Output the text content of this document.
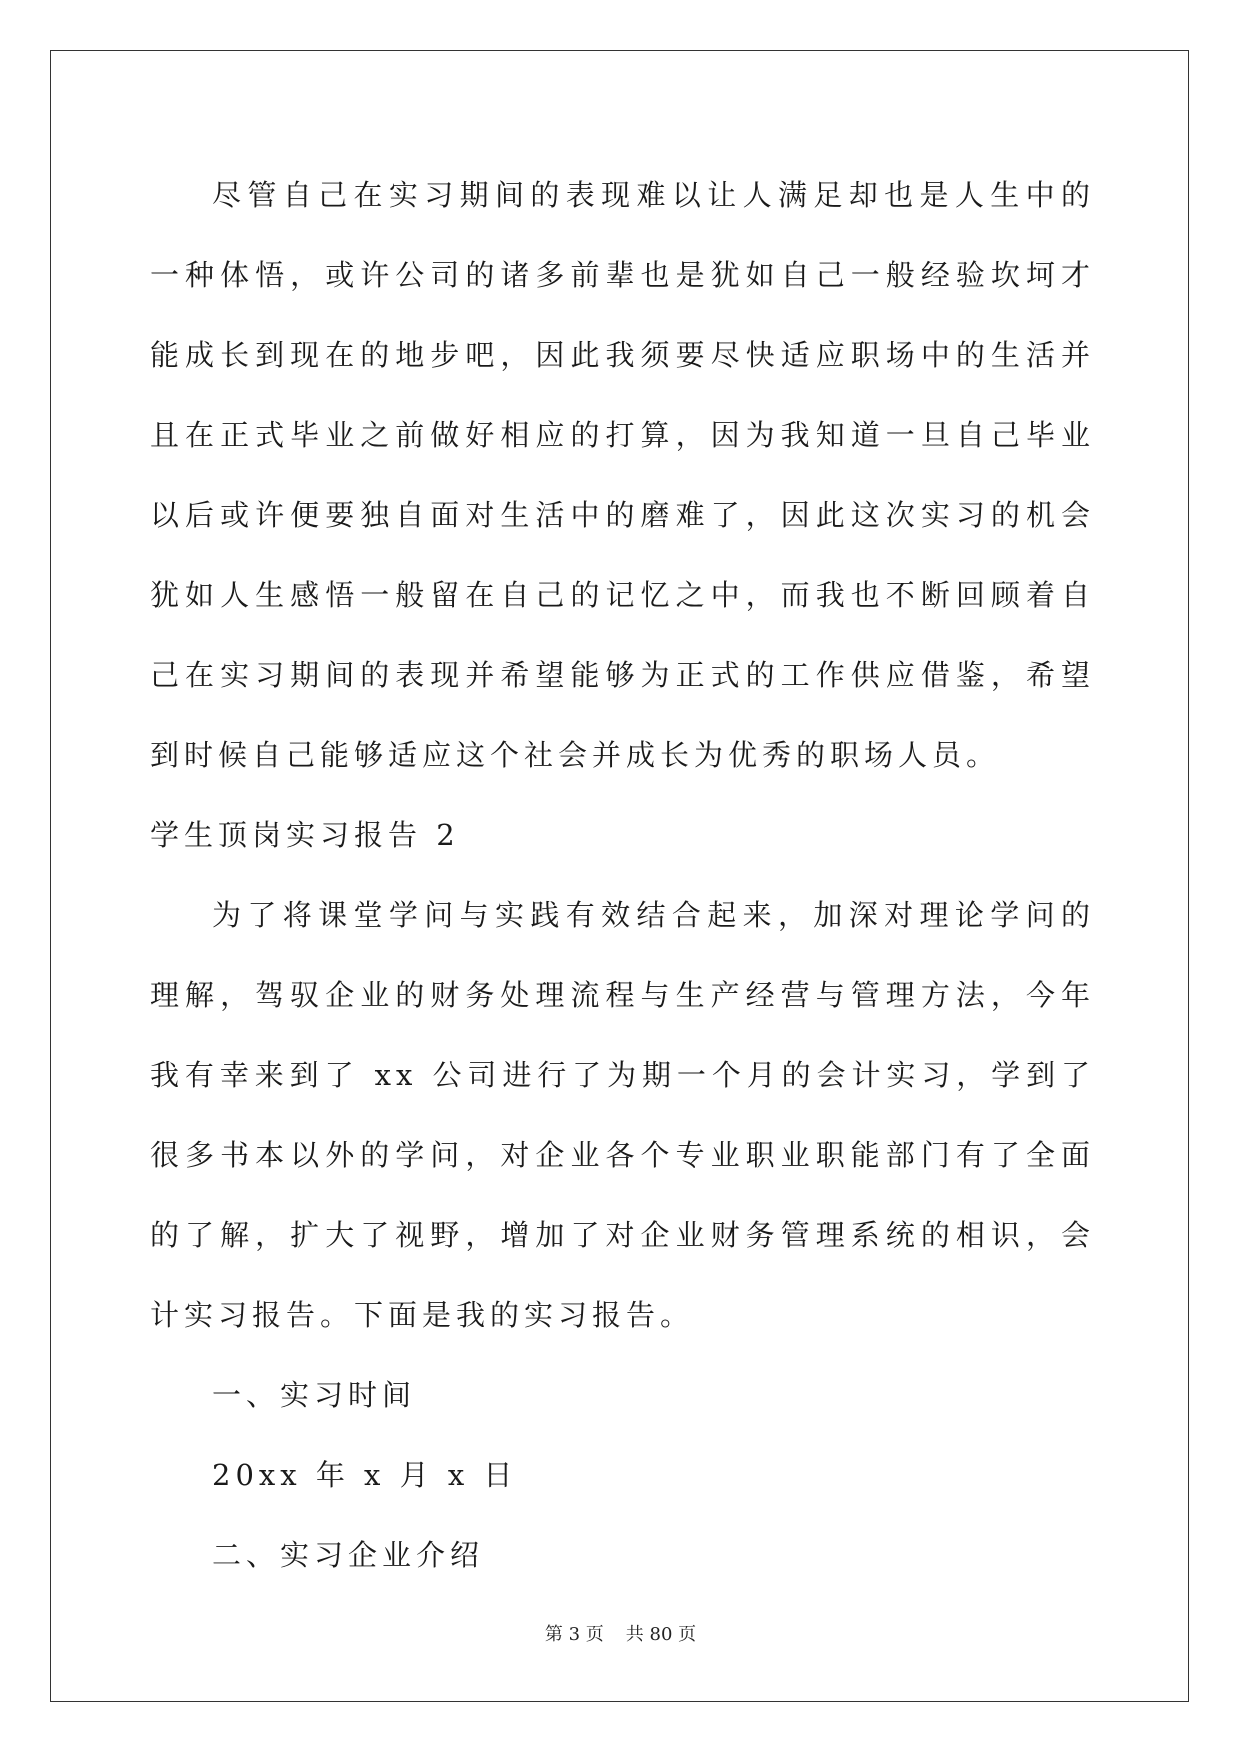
尽管自己在实习期间的表现难以让人满足却也是人生中的一种体悟，或许公司的诸多前辈也是犹如自己一般经验坎坷才能成长到现在的地步吧，因此我须要尽快适应职场中的生活并且在正式毕业之前做好相应的打算，因为我知道一旦自己毕业以后或许便要独自面对生活中的磨难了，因此这次实习的机会犹如人生感悟一般留在自己的记忆之中，而我也不断回顾着自己在实习期间的表现并希望能够为正式的工作供应借鉴，希望到时候自己能够适应这个社会并成长为优秀的职场人员。

学生顶岗实习报告 2

为了将课堂学问与实践有效结合起来，加深对理论学问的理解，驾驭企业的财务处理流程与生产经营与管理方法，今年我有幸来到了 xx 公司进行了为期一个月的会计实习，学到了很多书本以外的学问，对企业各个专业职业职能部门有了全面的了解，扩大了视野，增加了对企业财务管理系统的相识，会计实习报告。下面是我的实习报告。

一、实习时间

20xx 年 x 月 x 日

二、实习企业介绍

第 3 页 共 80 页
